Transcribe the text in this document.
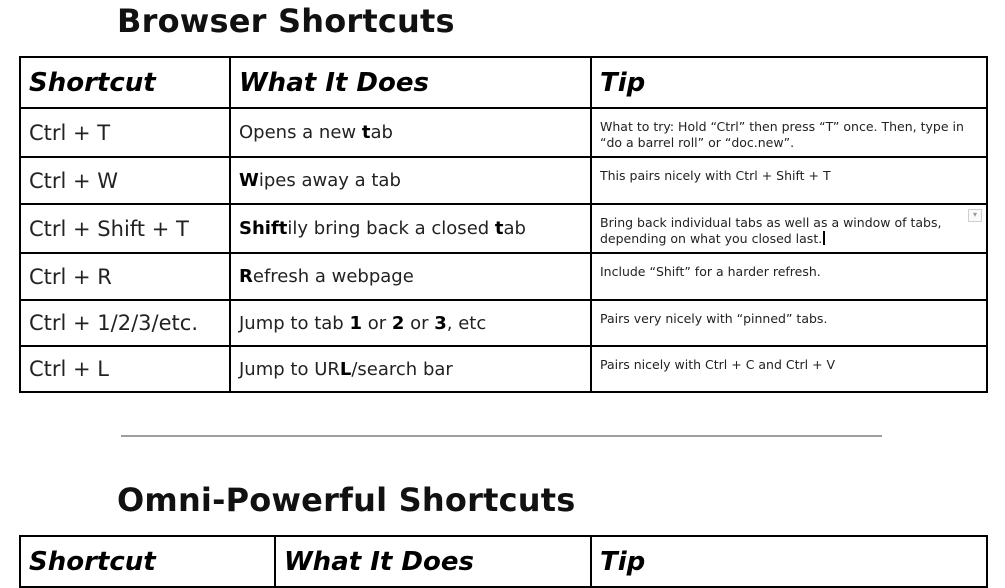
Browser Shortcuts
Shortcut	What It Does	Tip
Ctrl + T	Opens a new tab	What to try: Hold “Ctrl” then press “T” once. Then, type in “do a barrel roll” or “doc.new”.
Ctrl + W	Wipes away a tab	This pairs nicely with Ctrl + Shift + T
Ctrl + Shift + T	Shiftily bring back a closed tab	Bring back individual tabs as well as a window of tabs, depending on what you closed last.
▾

Ctrl + R	Refresh a webpage	Include “Shift” for a harder refresh.
Ctrl + 1/2/3/etc.	Jump to tab 1 or 2 or 3, etc	Pairs very nicely with “pinned” tabs.
Ctrl + L	Jump to URL/search bar	Pairs nicely with Ctrl + C and Ctrl + V
Omni-Powerful Shortcuts
Shortcut	What It Does	Tip
